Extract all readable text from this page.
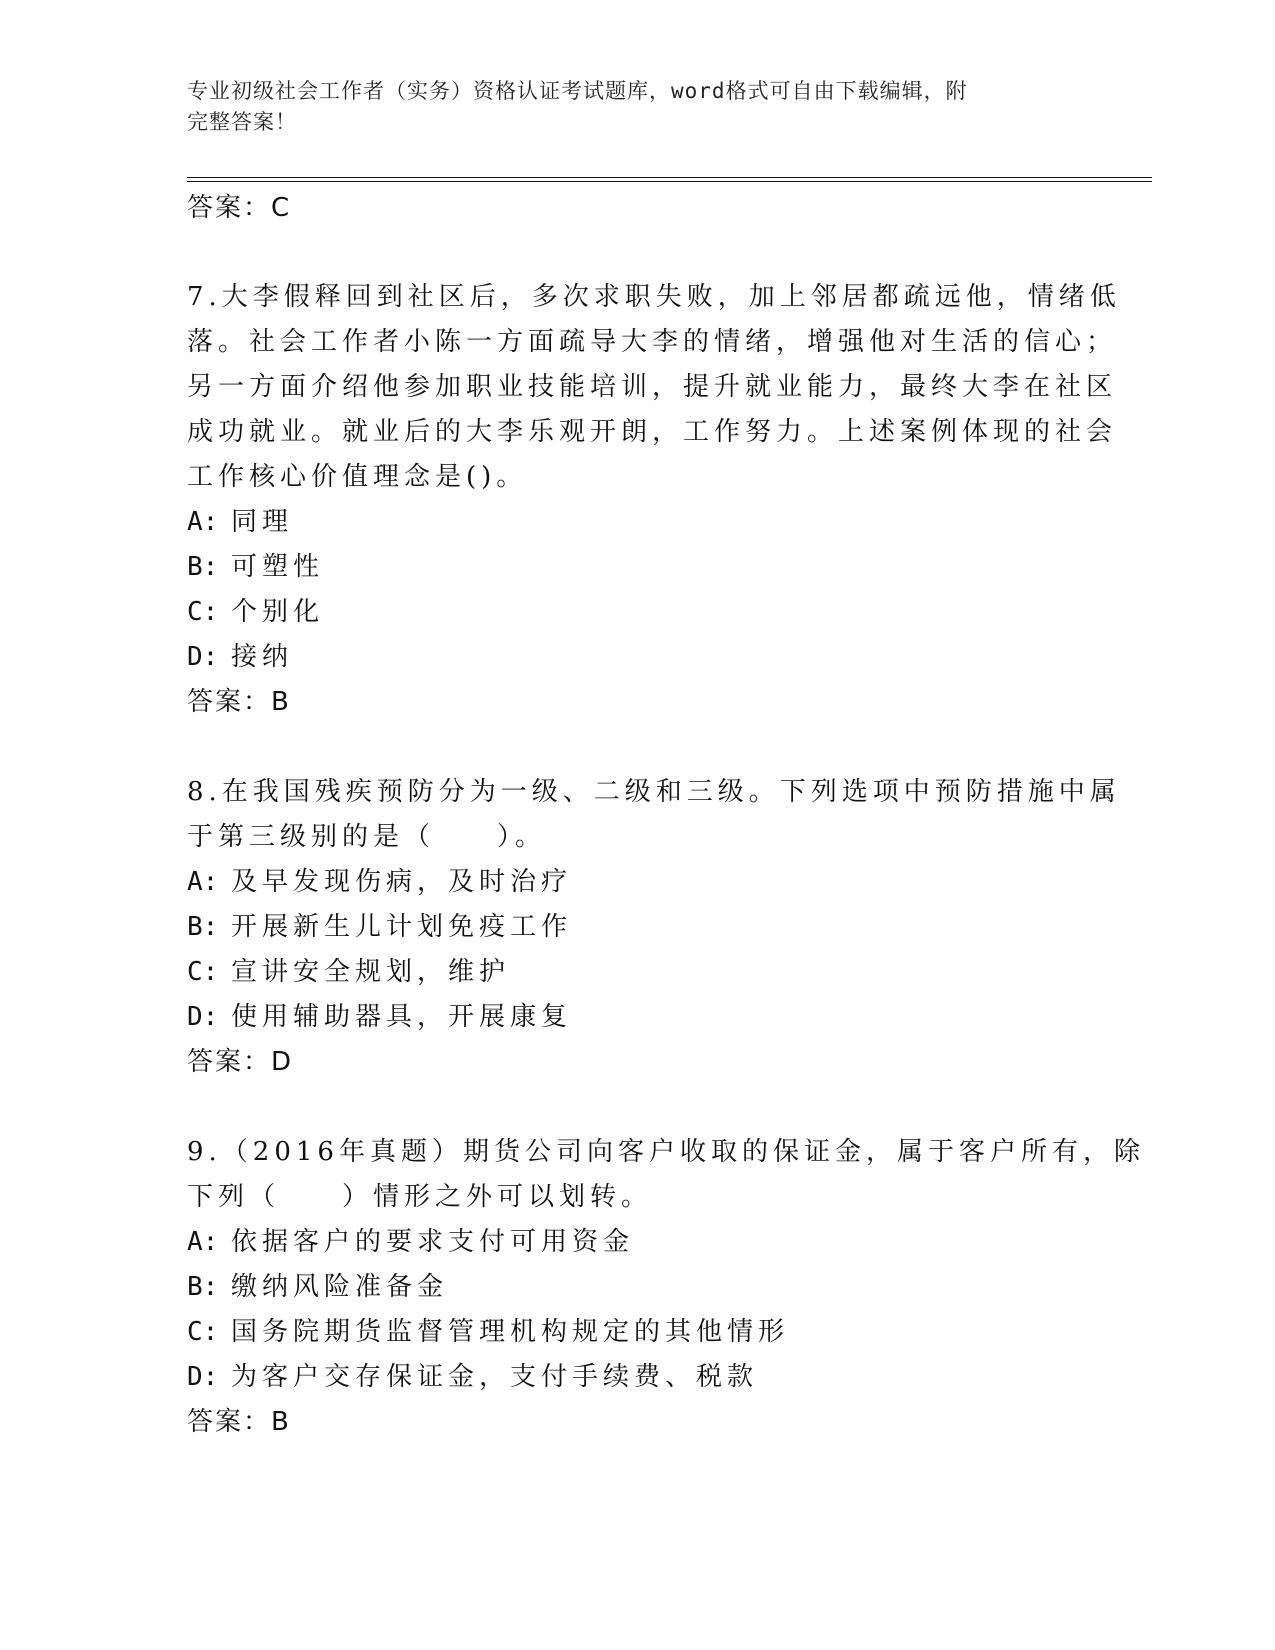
专业初级社会工作者（实务）资格认证考试题库，word格式可自由下载编辑，附
完整答案！
答案：C
7.大李假释回到社区后，多次求职失败，加上邻居都疏远他，情绪低
落。社会工作者小陈一方面疏导大李的情绪，增强他对生活的信心；
另一方面介绍他参加职业技能培训，提升就业能力，最终大李在社区
成功就业。就业后的大李乐观开朗，工作努力。上述案例体现的社会
工作核心价值理念是()。
A: 同理
B: 可塑性
C: 个别化
D: 接纳
答案：B
8.在我国残疾预防分为一级、二级和三级。下列选项中预防措施中属
于第三级别的是（　　）。
A: 及早发现伤病，及时治疗
B: 开展新生儿计划免疫工作
C: 宣讲安全规划，维护
D: 使用辅助器具，开展康复
答案：D
9.（2016年真题）期货公司向客户收取的保证金，属于客户所有，除
下列（　　）情形之外可以划转。
A: 依据客户的要求支付可用资金
B: 缴纳风险准备金
C: 国务院期货监督管理机构规定的其他情形
D: 为客户交存保证金，支付手续费、税款
答案：B
